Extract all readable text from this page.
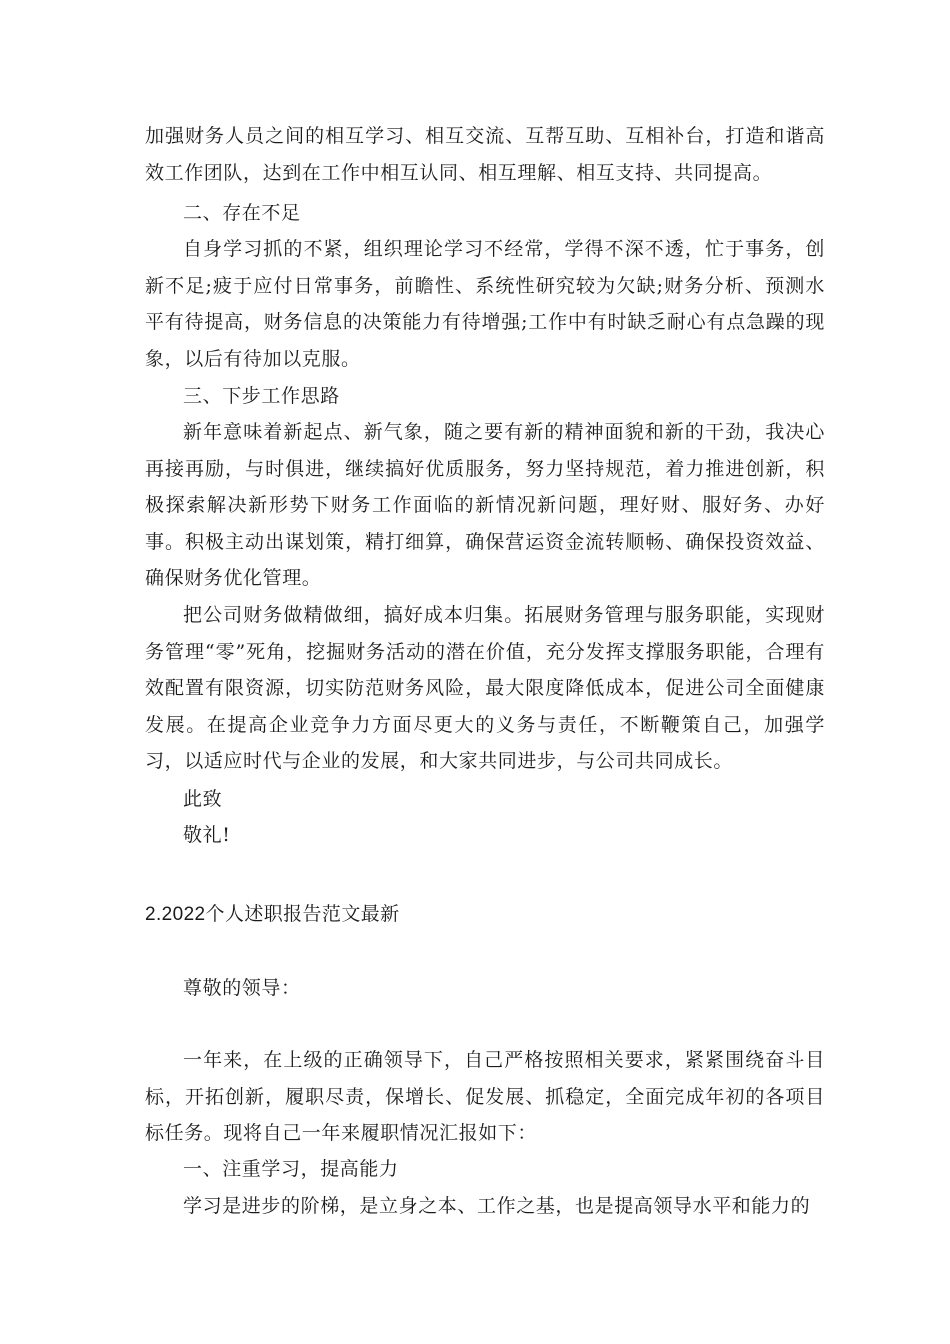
加强财务人员之间的相互学习、相互交流、互帮互助、互相补台，打造和谐高效工作团队，达到在工作中相互认同、相互理解、相互支持、共同提高。

二、存在不足

自身学习抓的不紧，组织理论学习不经常，学得不深不透，忙于事务，创新不足;疲于应付日常事务，前瞻性、系统性研究较为欠缺;财务分析、预测水平有待提高，财务信息的决策能力有待增强;工作中有时缺乏耐心有点急躁的现象，以后有待加以克服。

三、下步工作思路

新年意味着新起点、新气象，随之要有新的精神面貌和新的干劲，我决心再接再励，与时俱进，继续搞好优质服务，努力坚持规范，着力推进创新，积极探索解决新形势下财务工作面临的新情况新问题，理好财、服好务、办好事。积极主动出谋划策，精打细算，确保营运资金流转顺畅、确保投资效益、确保财务优化管理。

把公司财务做精做细，搞好成本归集。拓展财务管理与服务职能，实现财务管理“零”死角，挖掘财务活动的潜在价值，充分发挥支撑服务职能，合理有效配置有限资源，切实防范财务风险，最大限度降低成本，促进公司全面健康发展。在提高企业竞争力方面尽更大的义务与责任，不断鞭策自己，加强学习，以适应时代与企业的发展，和大家共同进步，与公司共同成长。

此致

敬礼!

2.2022个人述职报告范文最新

尊敬的领导：

一年来，在上级的正确领导下，自己严格按照相关要求，紧紧围绕奋斗目标，开拓创新，履职尽责，保增长、促发展、抓稳定，全面完成年初的各项目标任务。现将自己一年来履职情况汇报如下：

一、注重学习，提高能力

学习是进步的阶梯，是立身之本、工作之基，也是提高领导水平和能力的
